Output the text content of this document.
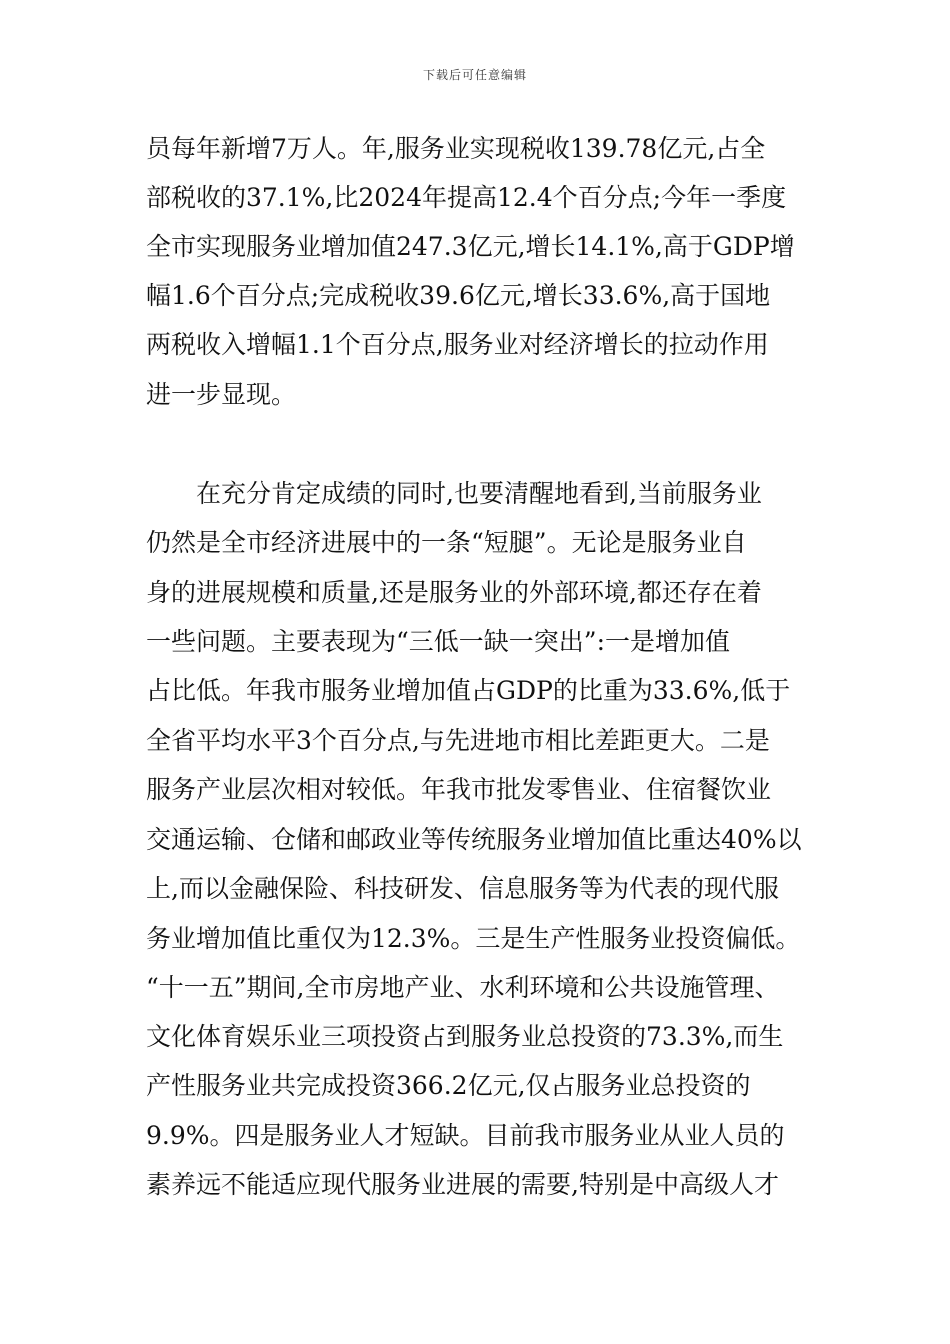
下载后可任意编辑
员每年新增7万人。年,服务业实现税收139.78亿元,占全
部税收的37.1%,比2024年提高12.4个百分点;今年一季度
全市实现服务业增加值247.3亿元,增长14.1%,高于GDP增
幅1.6个百分点;完成税收39.6亿元,增长33.6%,高于国地
两税收入增幅1.1个百分点,服务业对经济增长的拉动作用
进一步显现。
　　在充分肯定成绩的同时,也要清醒地看到,当前服务业
仍然是全市经济进展中的一条“短腿”。无论是服务业自
身的进展规模和质量,还是服务业的外部环境,都还存在着
一些问题。主要表现为“三低一缺一突出”:一是增加值
占比低。年我市服务业增加值占GDP的比重为33.6%,低于
全省平均水平3个百分点,与先进地市相比差距更大。二是
服务产业层次相对较低。年我市批发零售业、住宿餐饮业
交通运输、仓储和邮政业等传统服务业增加值比重达40%以
上,而以金融保险、科技研发、信息服务等为代表的现代服
务业增加值比重仅为12.3%。三是生产性服务业投资偏低。
“十一五”期间,全市房地产业、水利环境和公共设施管理、
文化体育娱乐业三项投资占到服务业总投资的73.3%,而生
产性服务业共完成投资366.2亿元,仅占服务业总投资的
9.9%。四是服务业人才短缺。目前我市服务业从业人员的
素养远不能适应现代服务业进展的需要,特别是中高级人才
